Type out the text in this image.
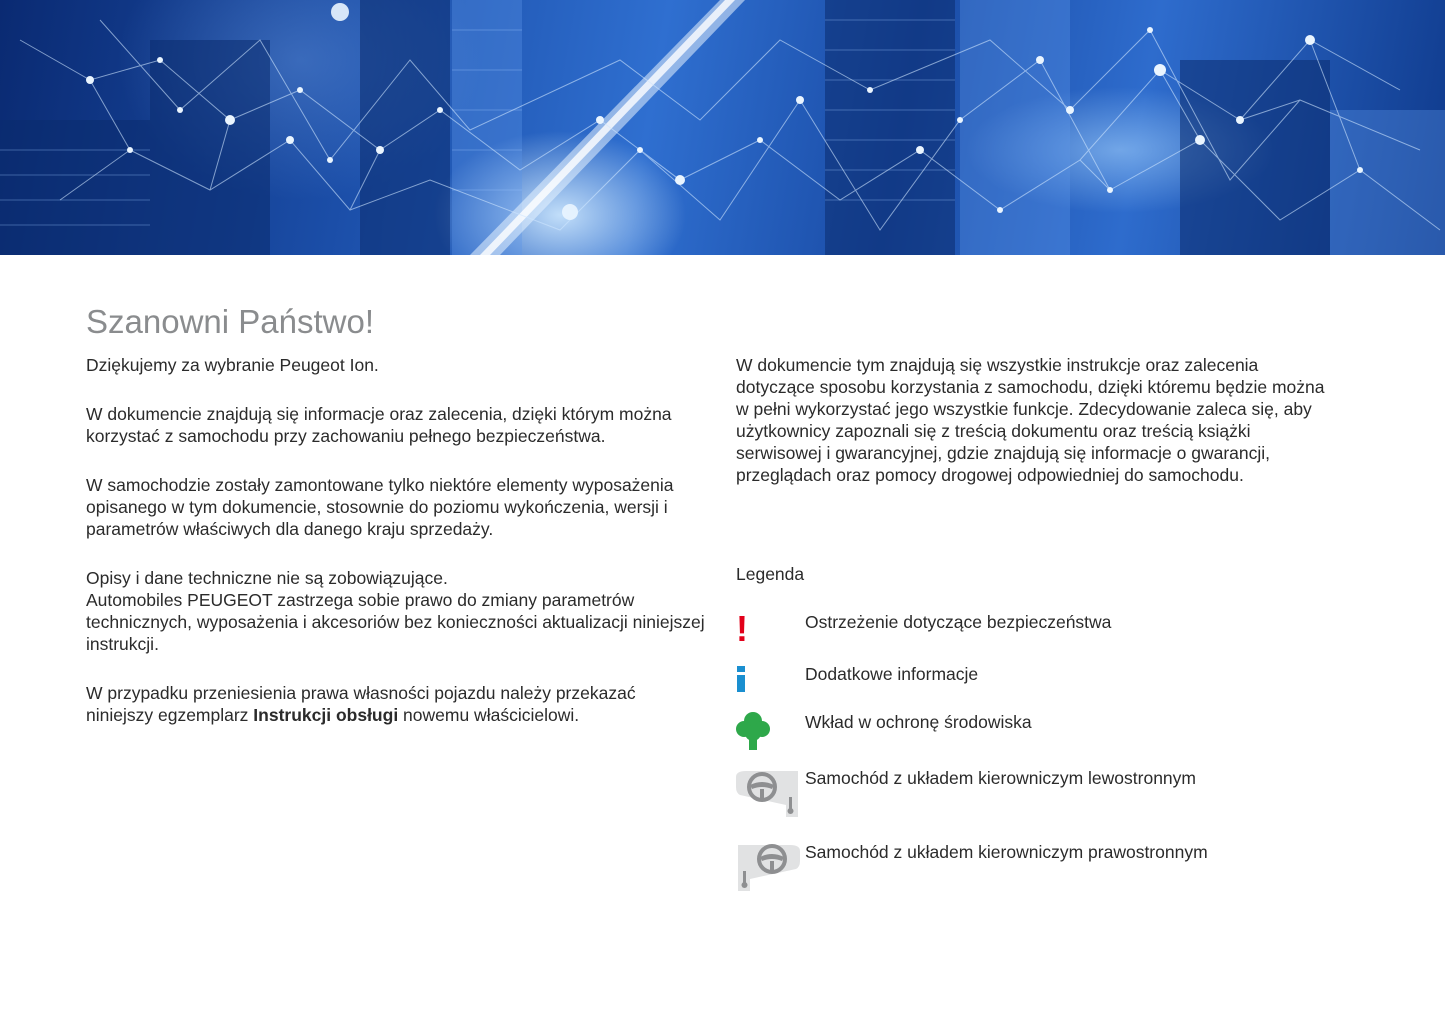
Szanowni Państwo!

Dziękujemy za wybranie Peugeot Ion.

W dokumencie znajdują się informacje oraz zalecenia, dzięki którym można korzystać z samochodu przy zachowaniu pełnego bezpieczeństwa.

W samochodzie zostały zamontowane tylko niektóre elementy wyposażenia opisanego w tym dokumencie, stosownie do poziomu wykończenia, wersji i parametrów właściwych dla danego kraju sprzedaży.

Opisy i dane techniczne nie są zobowiązujące.

Automobiles PEUGEOT zastrzega sobie prawo do zmiany parametrów technicznych, wyposażenia i akcesoriów bez konieczności aktualizacji niniejszej instrukcji.

W przypadku przeniesienia prawa własności pojazdu należy przekazać niniejszy egzemplarz Instrukcji obsługi nowemu właścicielowi.

W dokumencie tym znajdują się wszystkie instrukcje oraz zalecenia dotyczące sposobu korzystania z samochodu, dzięki któremu będzie można w pełni wykorzystać jego wszystkie funkcje. Zdecydowanie zaleca się, aby użytkownicy zapoznali się z treścią dokumentu oraz treścią książki serwisowej i gwarancyjnej, gdzie znajdują się informacje o gwarancji, przeglądach oraz pomocy drogowej odpowiedniej do samochodu.

Legenda
!	Ostrzeżenie dotyczące bezpieczeństwa
Dodatkowe informacje
Wkład w ochronę środowiska
Samochód z układem kierowniczym lewostronnym
Samochód z układem kierowniczym prawostronnym
